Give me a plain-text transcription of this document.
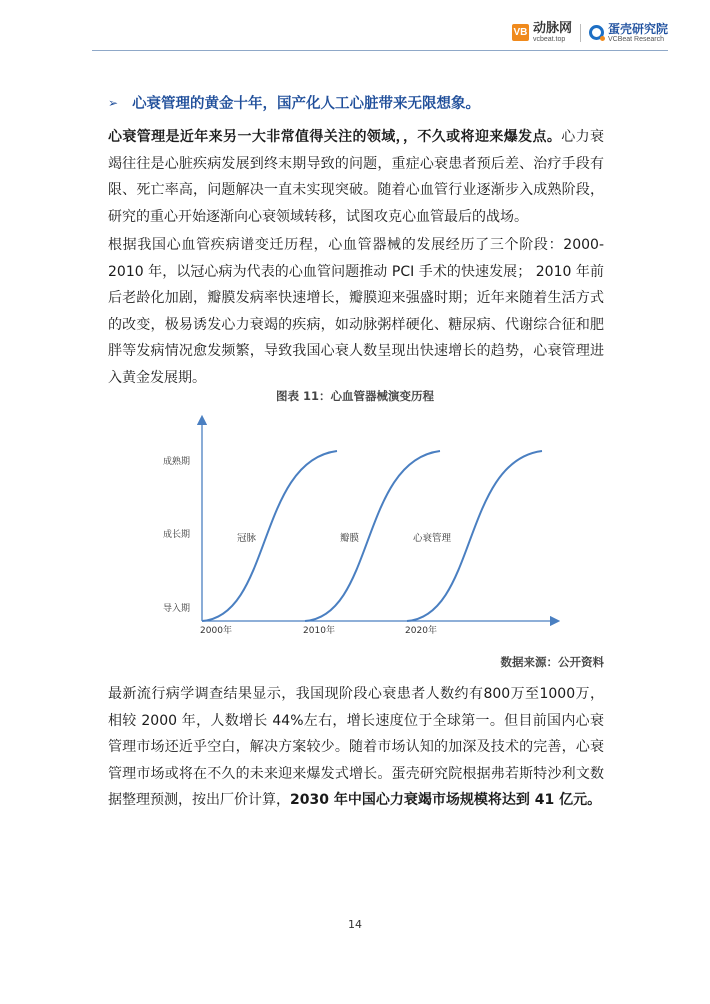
VB 动脉网
vcbeat.top
蛋壳研究院
VCBeat Research
➢ 心衰管理的黄金十年，国产化人工心脏带来无限想象。

心衰管理是近年来另一大非常值得关注的领域，，不久或将迎来爆发点。心力衰竭往往是心脏疾病发展到终末期导致的问题，重症心衰患者预后差、治疗手段有限、死亡率高，问题解决一直未实现突破。随着心血管行业逐渐步入成熟阶段，研究的重心开始逐渐向心衰领域转移，试图攻克心血管最后的战场。

根据我国心血管疾病谱变迁历程，心血管器械的发展经历了三个阶段：2000-2010 年，以冠心病为代表的心血管问题推动 PCI 手术的快速发展； 2010 年前后老龄化加剧，瓣膜发病率快速增长，瓣膜迎来强盛时期；近年来随着生活方式的改变，极易诱发心力衰竭的疾病，如动脉粥样硬化、糖尿病、代谢综合征和肥胖等发病情况愈发频繁，导致我国心衰人数呈现出快速增长的趋势，心衰管理进入黄金发展期。

图表 11：心血管器械演变历程
导入期
成长期
成熟期
2000年	2010年	2020年
冠脉	瓣膜	心衰管理
数据来源：公开资料

最新流行病学调查结果显示，我国现阶段心衰患者人数约有800万至1000万，相较 2000 年，人数增长 44%左右，增长速度位于全球第一。但目前国内心衰管理市场还近乎空白，解决方案较少。随着市场认知的加深及技术的完善，心衰管理市场或将在不久的未来迎来爆发式增长。蛋壳研究院根据弗若斯特沙利文数据整理预测，按出厂价计算，2030 年中国心力衰竭市场规模将达到 41 亿元。

14
